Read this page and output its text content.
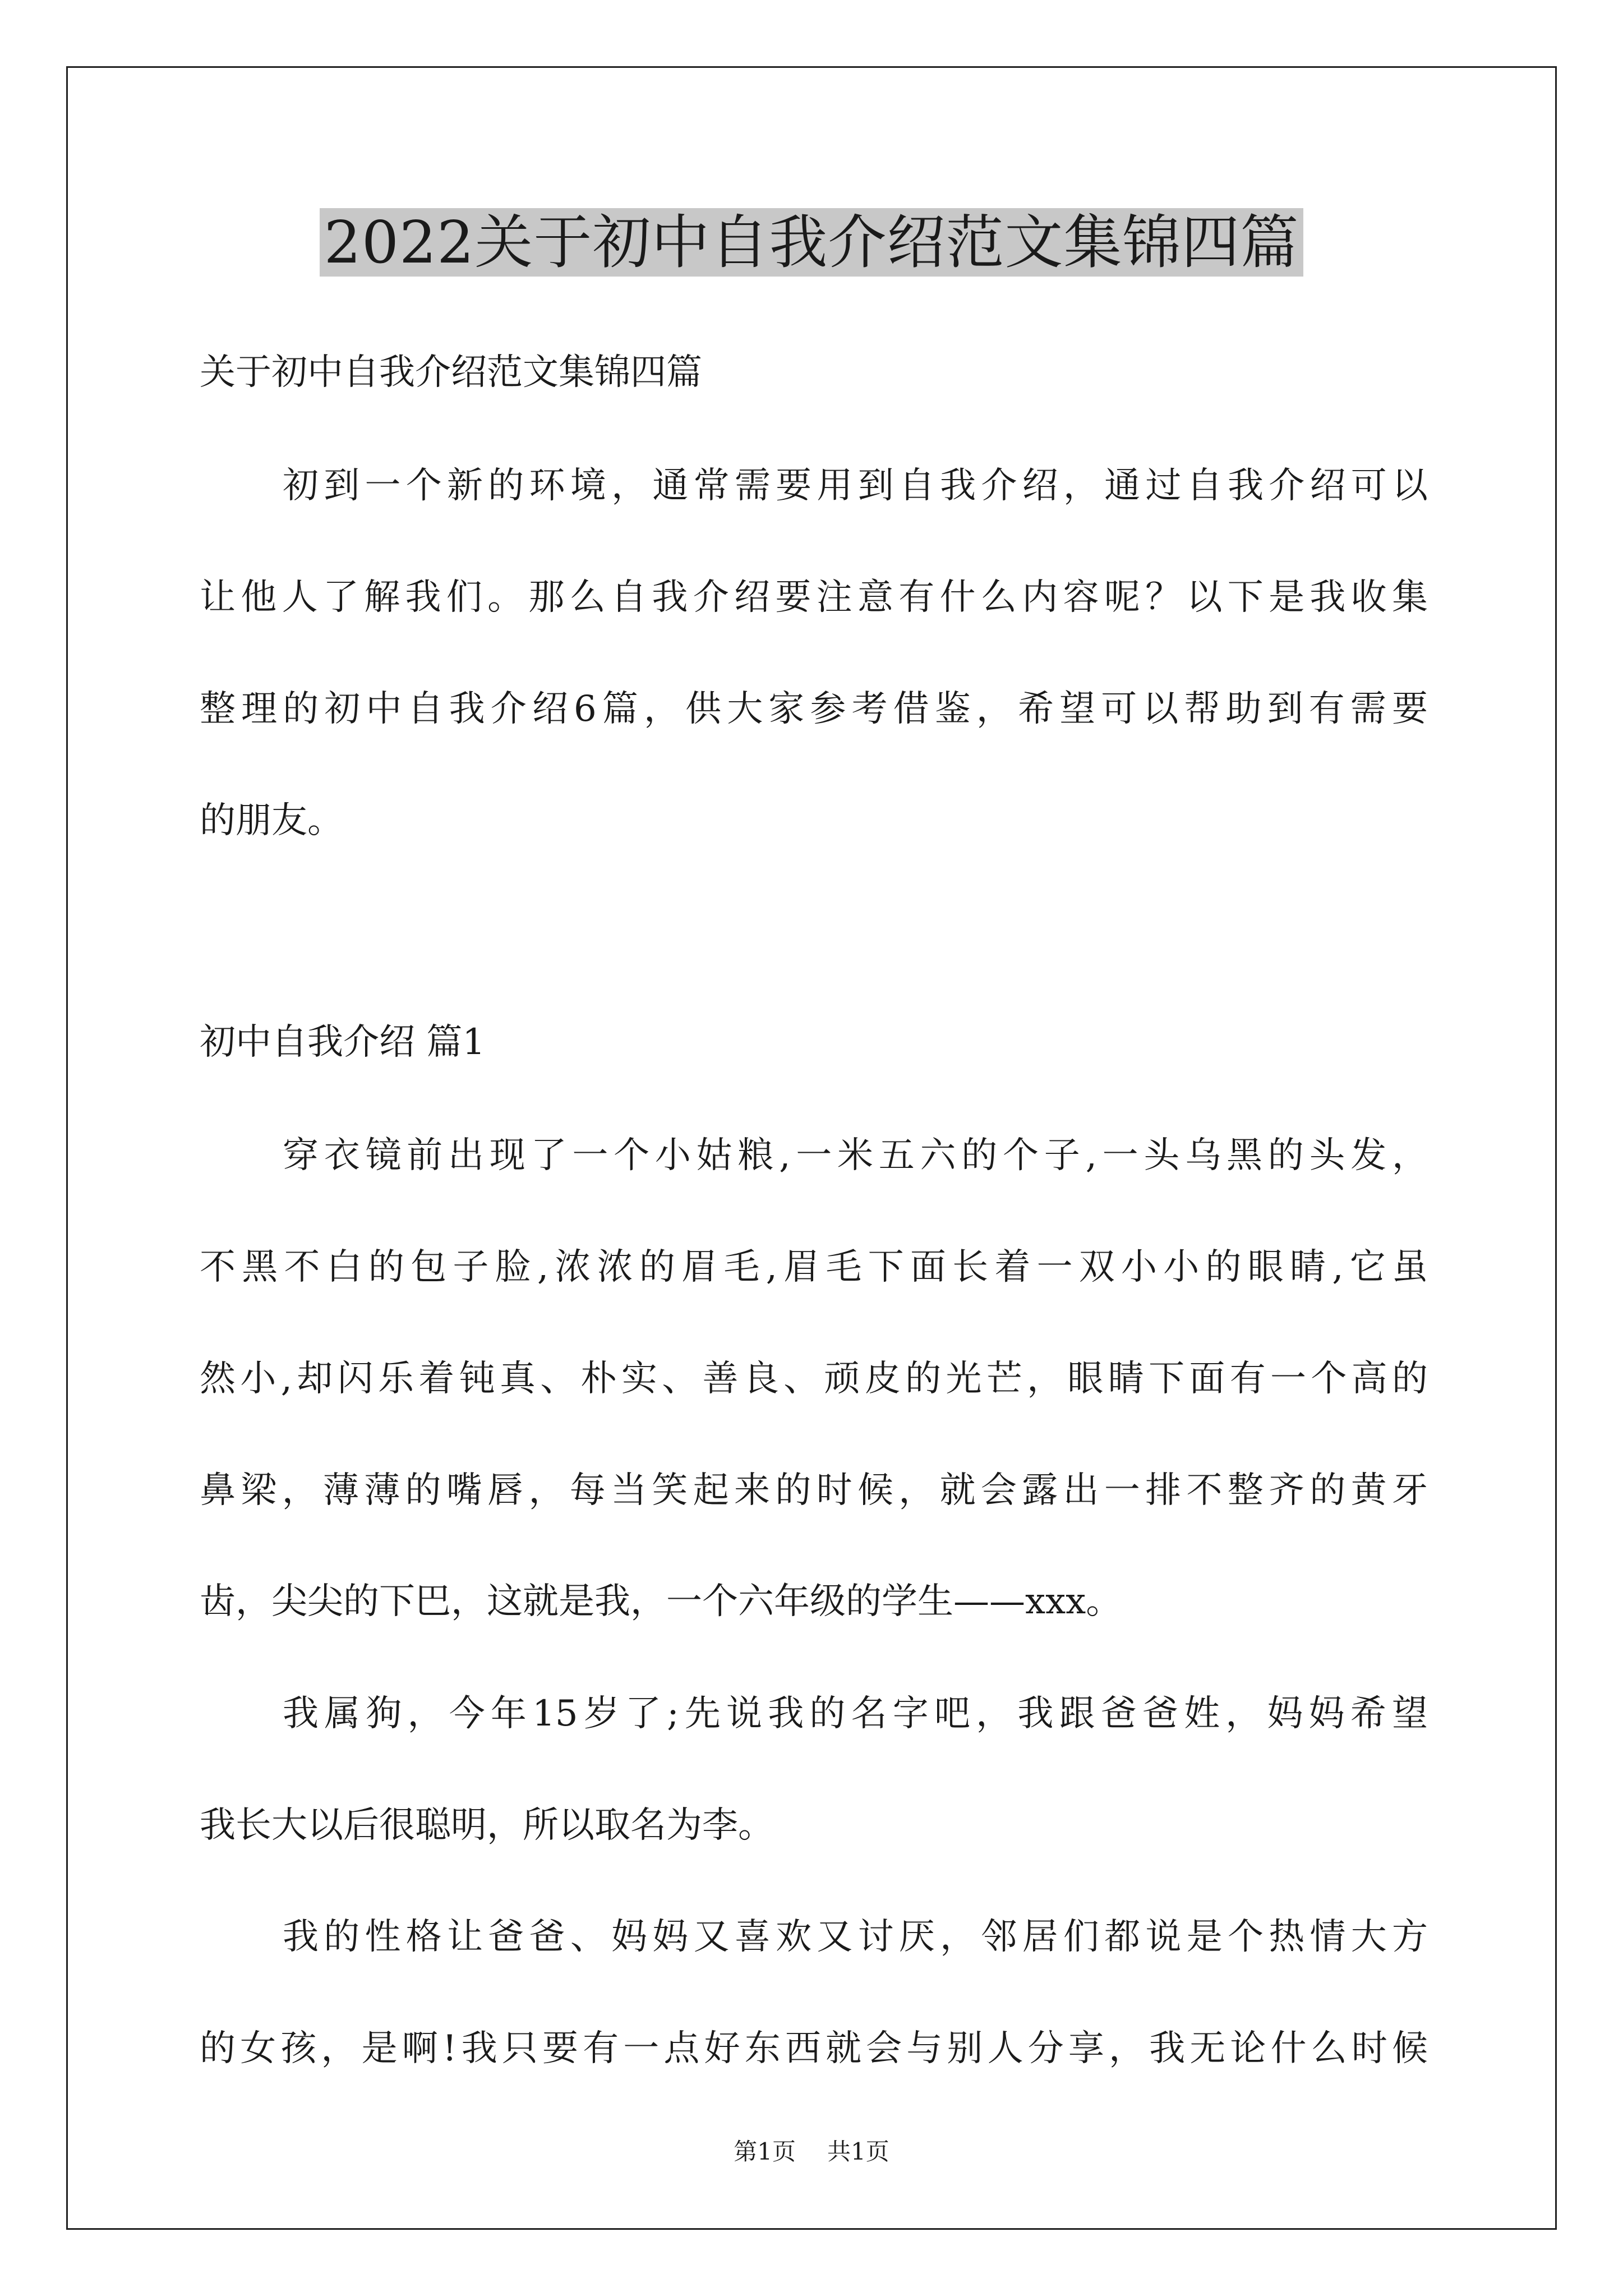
2022关于初中自我介绍范文集锦四篇
关于初中自我介绍范文集锦四篇
初到一个新的环境，通常需要用到自我介绍，通过自我介绍可以
让他人了解我们。那么自我介绍要注意有什么内容呢？以下是我收集
整理的初中自我介绍6篇，供大家参考借鉴，希望可以帮助到有需要
的朋友。
初中自我介绍 篇1
穿衣镜前出现了一个小姑粮,一米五六的个子,一头乌黑的头发，
不黑不白的包子脸,浓浓的眉毛,眉毛下面长着一双小小的眼睛,它虽
然小,却闪乐着钝真、朴实、善良、顽皮的光芒，眼睛下面有一个高的
鼻梁，薄薄的嘴唇，每当笑起来的时候，就会露出一排不整齐的黄牙
齿，尖尖的下巴，这就是我，一个六年级的学生——xxx。
我属狗，今年15岁了;先说我的名字吧，我跟爸爸姓，妈妈希望
我长大以后很聪明，所以取名为李。
我的性格让爸爸、妈妈又喜欢又讨厌，邻居们都说是个热情大方
的女孩，是啊!我只要有一点好东西就会与别人分享，我无论什么时候
第1页 共1页
